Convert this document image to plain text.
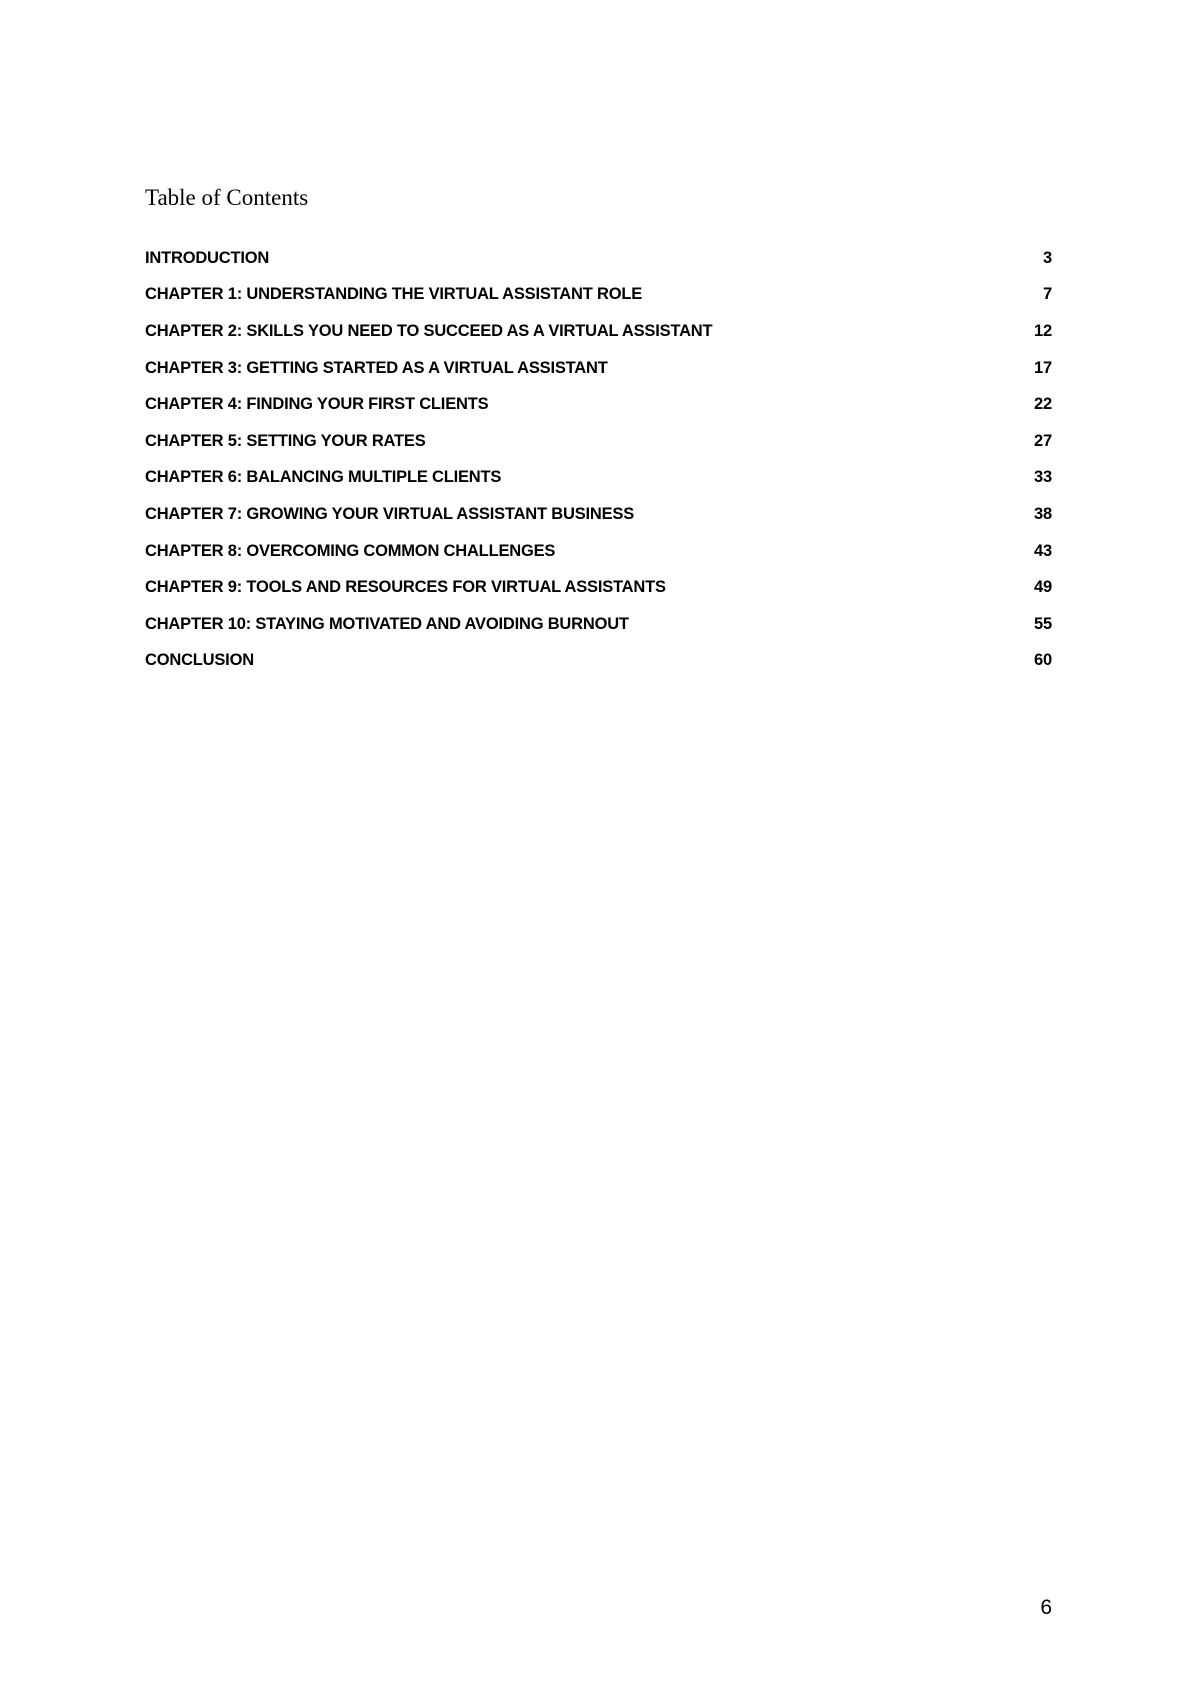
Table of Contents
INTRODUCTION	3
CHAPTER 1: UNDERSTANDING THE VIRTUAL ASSISTANT ROLE	7
CHAPTER 2: SKILLS YOU NEED TO SUCCEED AS A VIRTUAL ASSISTANT	12
CHAPTER 3: GETTING STARTED AS A VIRTUAL ASSISTANT	17
CHAPTER 4: FINDING YOUR FIRST CLIENTS	22
CHAPTER 5: SETTING YOUR RATES	27
CHAPTER 6: BALANCING MULTIPLE CLIENTS	33
CHAPTER 7: GROWING YOUR VIRTUAL ASSISTANT BUSINESS	38
CHAPTER 8: OVERCOMING COMMON CHALLENGES	43
CHAPTER 9: TOOLS AND RESOURCES FOR VIRTUAL ASSISTANTS	49
CHAPTER 10: STAYING MOTIVATED AND AVOIDING BURNOUT	55
CONCLUSION	60
6
